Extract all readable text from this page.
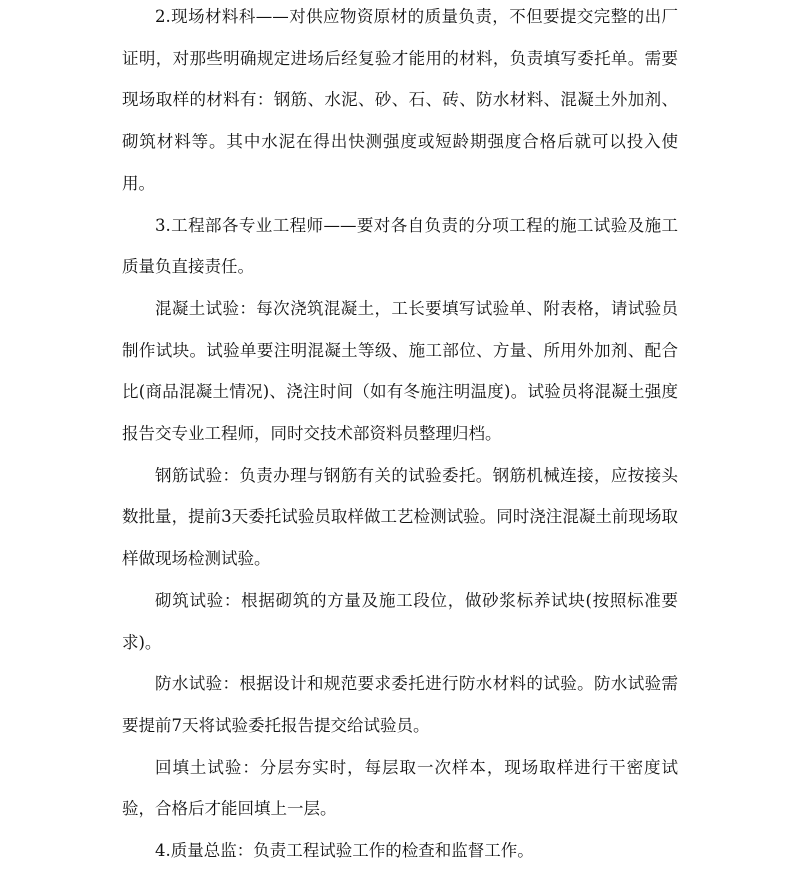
2.现场材料科——对供应物资原材的质量负责，不但要提交完整的出厂证明，对那些明确规定进场后经复验才能用的材料，负责填写委托单。需要现场取样的材料有：钢筋、水泥、砂、石、砖、防水材料、混凝土外加剂、砌筑材料等。其中水泥在得出快测强度或短龄期强度合格后就可以投入使用。

3.工程部各专业工程师——要对各自负责的分项工程的施工试验及施工质量负直接责任。

混凝土试验：每次浇筑混凝土，工长要填写试验单、附表格，请试验员制作试块。试验单要注明混凝土等级、施工部位、方量、所用外加剂、配合比(商品混凝土情况)、浇注时间（如有冬施注明温度)。试验员将混凝土强度报告交专业工程师，同时交技术部资料员整理归档。

钢筋试验：负责办理与钢筋有关的试验委托。钢筋机械连接，应按接头数批量，提前3天委托试验员取样做工艺检测试验。同时浇注混凝土前现场取样做现场检测试验。

砌筑试验：根据砌筑的方量及施工段位，做砂浆标养试块(按照标准要求)。

防水试验：根据设计和规范要求委托进行防水材料的试验。防水试验需要提前7天将试验委托报告提交给试验员。

回填土试验：分层夯实时，每层取一次样本，现场取样进行干密度试验，合格后才能回填上一层。

4.质量总监：负责工程试验工作的检查和监督工作。
